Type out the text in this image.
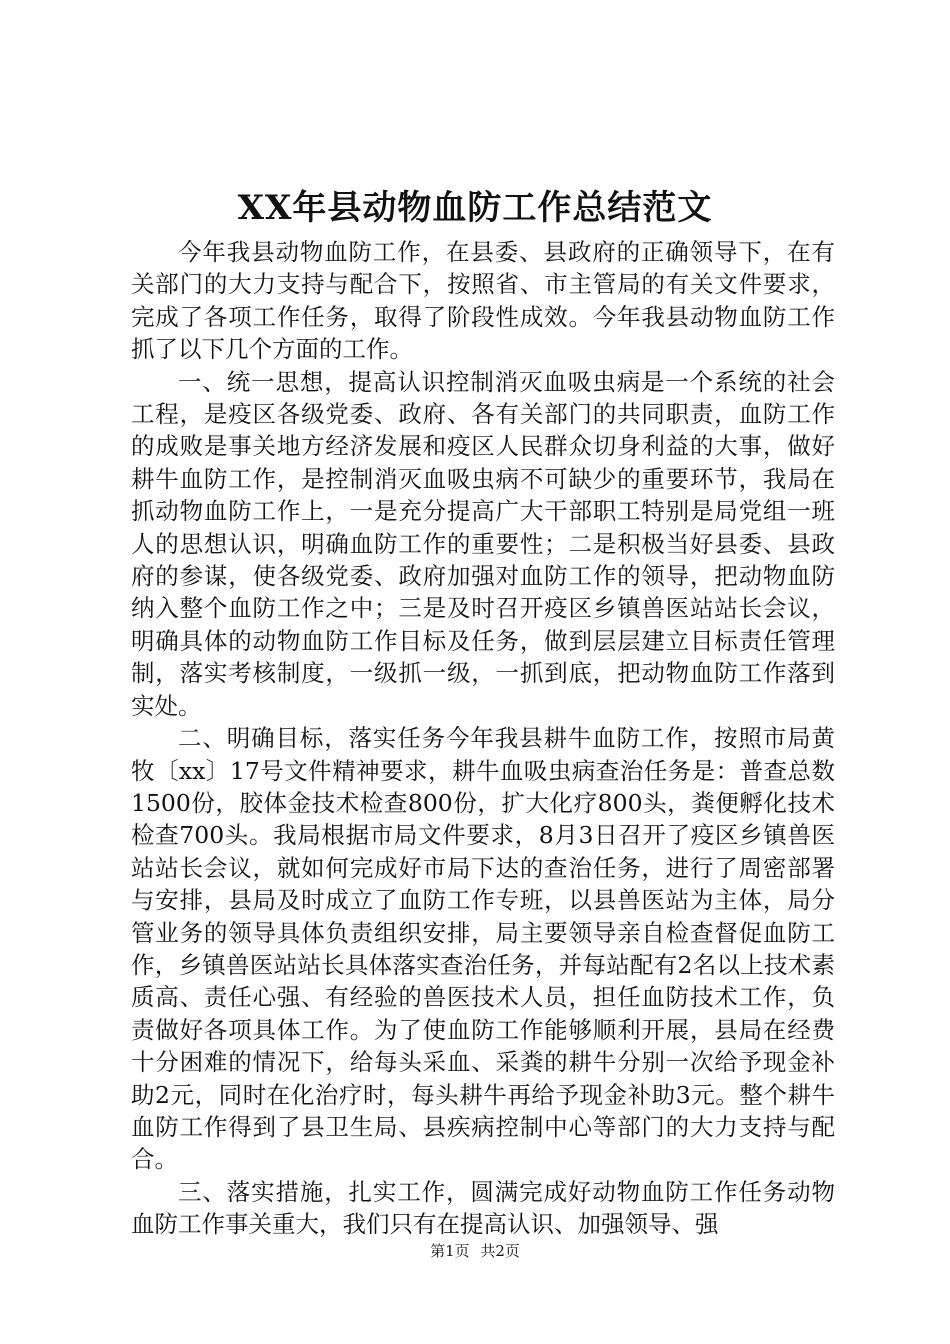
XX年县动物血防工作总结范文

今年我县动物血防工作，在县委、县政府的正确领导下，在有关部门的大力支持与配合下，按照省、市主管局的有关文件要求，完成了各项工作任务，取得了阶段性成效。今年我县动物血防工作抓了以下几个方面的工作。

一、统一思想，提高认识控制消灭血吸虫病是一个系统的社会工程，是疫区各级党委、政府、各有关部门的共同职责，血防工作的成败是事关地方经济发展和疫区人民群众切身利益的大事，做好耕牛血防工作，是控制消灭血吸虫病不可缺少的重要环节，我局在抓动物血防工作上，一是充分提高广大干部职工特别是局党组一班人的思想认识，明确血防工作的重要性；二是积极当好县委、县政府的参谋，使各级党委、政府加强对血防工作的领导，把动物血防纳入整个血防工作之中；三是及时召开疫区乡镇兽医站站长会议，明确具体的动物血防工作目标及任务，做到层层建立目标责任管理制，落实考核制度，一级抓一级，一抓到底，把动物血防工作落到实处。

二、明确目标，落实任务今年我县耕牛血防工作，按照市局黄牧〔xx〕17号文件精神要求，耕牛血吸虫病查治任务是：普查总数1500份，胶体金技术检查800份，扩大化疗800头，粪便孵化技术检查700头。我局根据市局文件要求，8月3日召开了疫区乡镇兽医站站长会议，就如何完成好市局下达的查治任务，进行了周密部署与安排，县局及时成立了血防工作专班，以县兽医站为主体，局分管业务的领导具体负责组织安排，局主要领导亲自检查督促血防工作，乡镇兽医站站长具体落实查治任务，并每站配有2名以上技术素质高、责任心强、有经验的兽医技术人员，担任血防技术工作，负责做好各项具体工作。为了使血防工作能够顺利开展，县局在经费十分困难的情况下，给每头采血、采粪的耕牛分别一次给予现金补助2元，同时在化治疗时，每头耕牛再给予现金补助3元。整个耕牛血防工作得到了县卫生局、县疾病控制中心等部门的大力支持与配合。

三、落实措施，扎实工作，圆满完成好动物血防工作任务动物血防工作事关重大，我们只有在提高认识、加强领导、强

第1页 共2页
